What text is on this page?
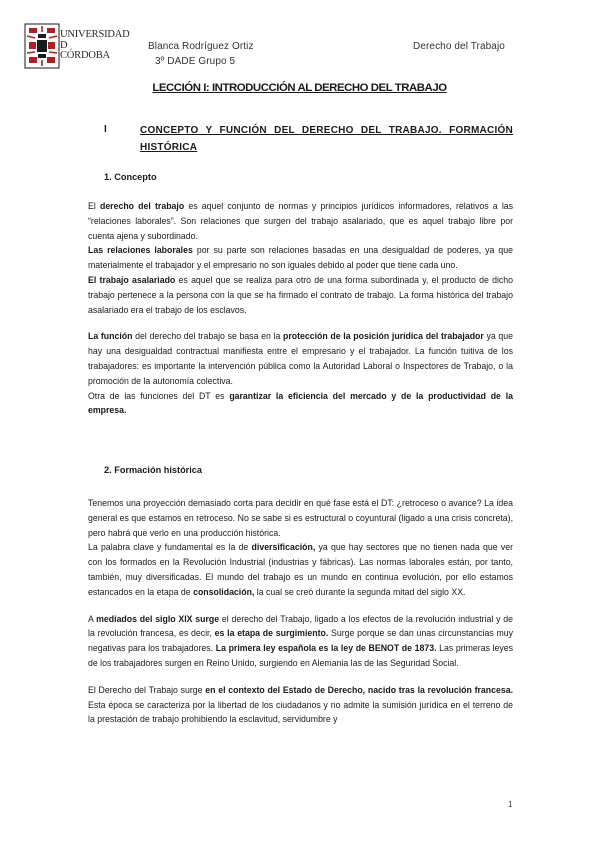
UNIVERSIDAD
D
CÓRDOBA
Blanca Rodríguez Ortiz
3º DADE Grupo 5
Derecho del Trabajo
LECCIÓN I: INTRODUCCIÓN AL DERECHO DEL TRABAJO
I	CONCEPTO Y FUNCIÓN DEL DERECHO DEL TRABAJO. FORMACIÓN HISTÓRICA
1. Concepto

El derecho del trabajo es aquel conjunto de normas y principios jurídicos informadores, relativos a las “relaciones laborales”. Son relaciones que surgen del trabajo asalariado, que es aquel trabajo libre por cuenta ajena y subordinado.

Las relaciones laborales por su parte son relaciones basadas en una desigualdad de poderes, ya que materialmente el trabajador y el empresario no son iguales debido al poder que tiene cada uno.

El trabajo asalariado es aquel que se realiza para otro de una forma subordinada y, el producto de dicho trabajo pertenece a la persona con la que se ha firmado el contrato de trabajo. La forma histórica del trabajo asalariado era el trabajo de los esclavos.

La función del derecho del trabajo se basa en la protección de la posición jurídica del trabajador ya que hay una desigualdad contractual manifiesta entre el empresario y el trabajador. La función tuitiva de los trabajadores: es importante la intervención pública como la Autoridad Laboral o Inspectores de Trabajo, o la promoción de la autonomía colectiva.

Otra de las funciones del DT es garantizar la eficiencia del mercado y de la productividad de la empresa.

2. Formación histórica

Tenemos una proyección demasiado corta para decidir en qué fase está el DT: ¿retroceso o avance? La idea general es que estamos en retroceso. No se sabe si es estructural o coyuntural (ligado a una crisis concreta), pero habrá que verlo en una producción histórica.

La palabra clave y fundamental es la de diversificación, ya que hay sectores que no tienen nada que ver con los formados en la Revolución Industrial (industrias y fábricas). Las normas laborales están, por tanto, también, muy diversificadas. El mundo del trabajo es un mundo en continua evolución, por ello estamos estancados en la etapa de consolidación, la cual se creó durante la segunda mitad del siglo XX.

A mediados del siglo XIX surge el derecho del Trabajo, ligado a los efectos de la revolución industrial y de la revolución francesa, es decir, es la etapa de surgimiento. Surge porque se dan unas circunstancias muy negativas para los trabajadores. La primera ley española es la ley de BENOT de 1873. Las primeras leyes de los trabajadores surgen en Reino Unido, surgiendo en Alemania las de las Seguridad Social.

El Derecho del Trabajo surge en el contexto del Estado de Derecho, nacido tras la revolución francesa. Esta época se caracteriza por la libertad de los ciudadanos y no admite la sumisión jurídica en el terreno de la prestación de trabajo prohibiendo la esclavitud, servidumbre y

1
